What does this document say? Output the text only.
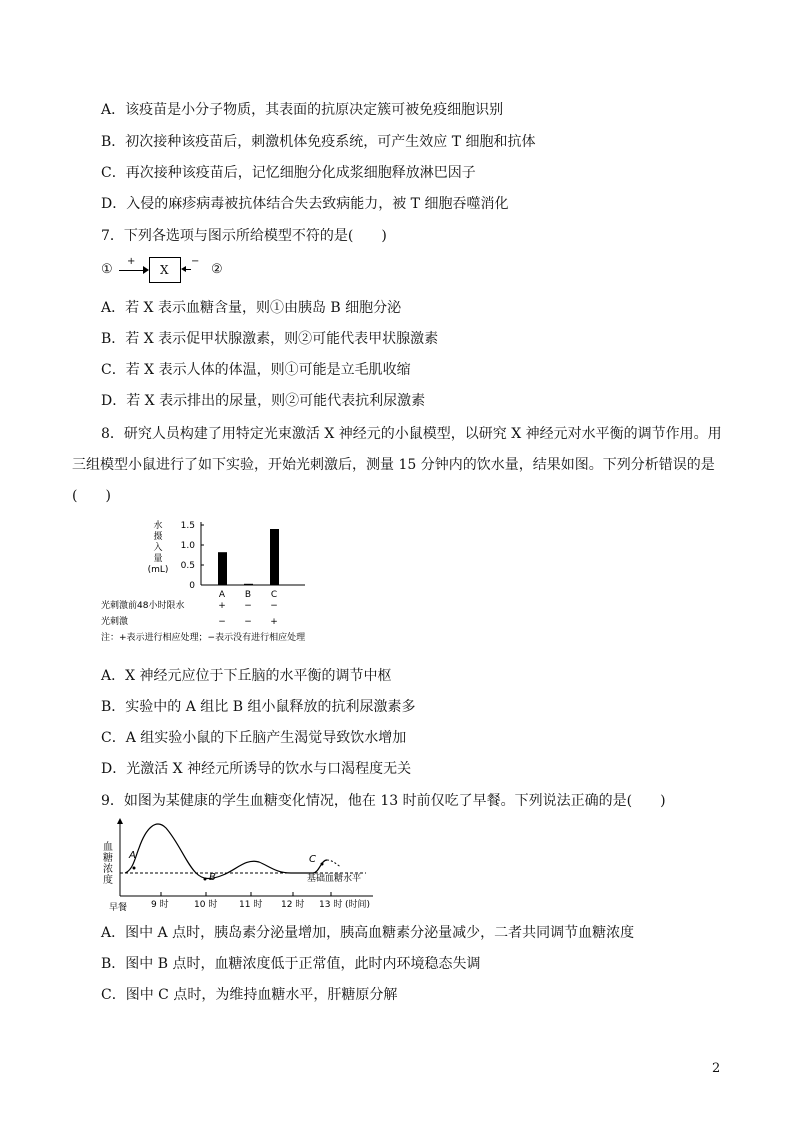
A．该疫苗是小分子物质，其表面的抗原决定簇可被免疫细胞识别
B．初次接种该疫苗后，刺激机体免疫系统，可产生效应 T 细胞和抗体
C．再次接种该疫苗后，记忆细胞分化成浆细胞释放淋巴因子
D．入侵的麻疹病毒被抗体结合失去致病能力，被 T 细胞吞噬消化
7．下列各选项与图示所给模型不符的是(　　)
①
+
X
−
②
A．若 X 表示血糖含量，则①由胰岛 B 细胞分泌
B．若 X 表示促甲状腺激素，则②可能代表甲状腺激素
C．若 X 表示人体的体温，则①可能是立毛肌收缩
D．若 X 表示排出的尿量，则②可能代表抗利尿激素
8．研究人员构建了用特定光束激活 X 神经元的小鼠模型，以研究 X 神经元对水平衡的调节作用。用
三组模型小鼠进行了如下实验，开始光刺激后，测量 15 分钟内的饮水量，结果如图。下列分析错误的是
(　　)
水
摄
入
量
(mL)
1.5
1.0
0.5
0
A B C
光刺激前48小时限水	+ − −
光刺激	− − +
注：+表示进行相应处理；−表示没有进行相应处理
A．X 神经元应位于下丘脑的水平衡的调节中枢
B．实验中的 A 组比 B 组小鼠释放的抗利尿激素多
C．A 组实验小鼠的下丘脑产生渴觉导致饮水增加
D．光激活 X 神经元所诱导的饮水与口渴程度无关
9．如图为某健康的学生血糖变化情况，他在 13 时前仅吃了早餐。下列说法正确的是(　　)
血
糖
浓
度
A
B
C
基础血糖水平
早餐	9 时	10 时 11 时 12 时 13 时 (时间)
A．图中 A 点时，胰岛素分泌量增加，胰高血糖素分泌量减少，二者共同调节血糖浓度
B．图中 B 点时，血糖浓度低于正常值，此时内环境稳态失调
C．图中 C 点时，为维持血糖水平，肝糖原分解
2
